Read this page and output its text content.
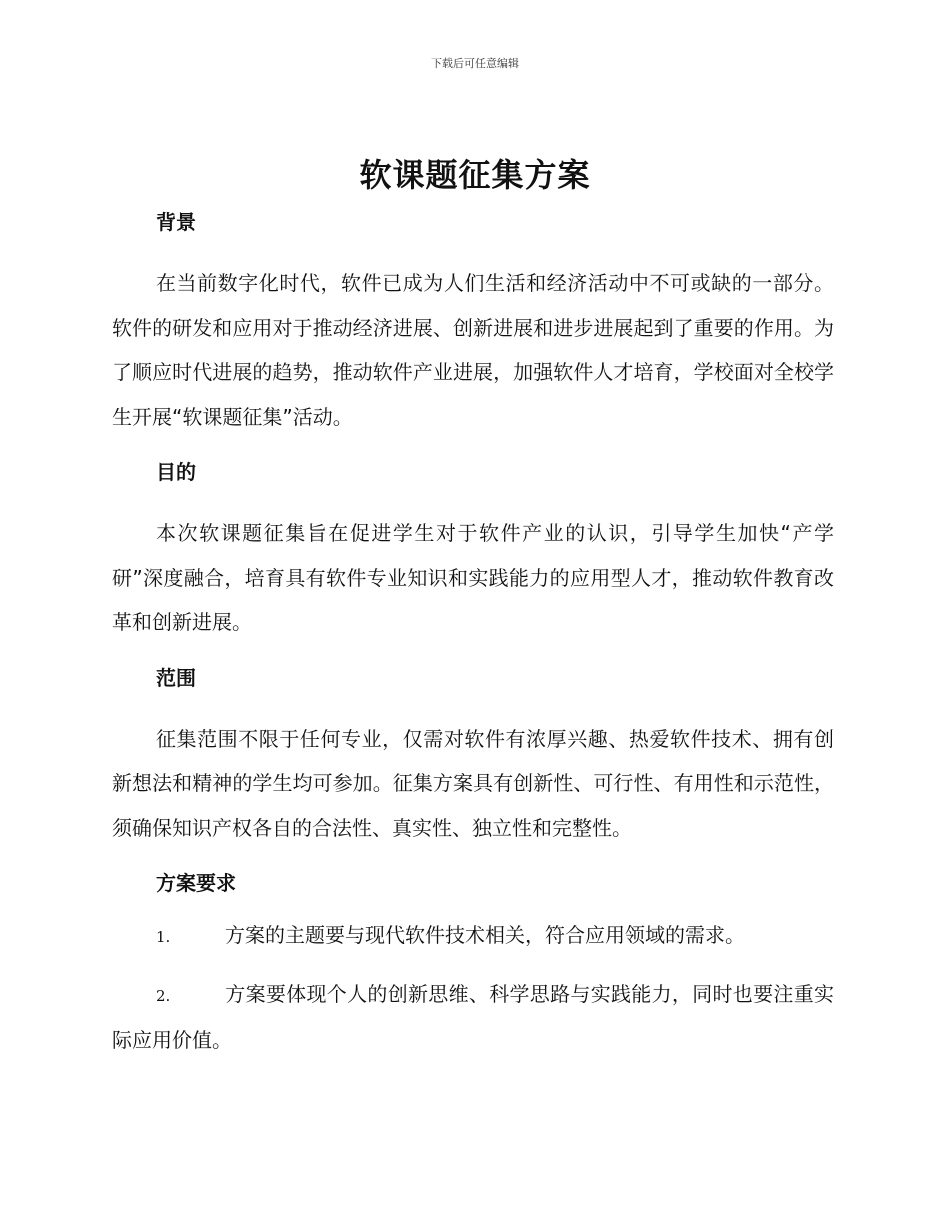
下载后可任意编辑
软课题征集方案
背景

在当前数字化时代，软件已成为人们生活和经济活动中不可或缺的一部分。软件的研发和应用对于推动经济进展、创新进展和进步进展起到了重要的作用。为了顺应时代进展的趋势，推动软件产业进展，加强软件人才培育，学校面对全校学生开展“软课题征集”活动。

目的

本次软课题征集旨在促进学生对于软件产业的认识，引导学生加快“产学研”深度融合，培育具有软件专业知识和实践能力的应用型人才，推动软件教育改革和创新进展。

范围

征集范围不限于任何专业，仅需对软件有浓厚兴趣、热爱软件技术、拥有创新想法和精神的学生均可参加。征集方案具有创新性、可行性、有用性和示范性，须确保知识产权各自的合法性、真实性、独立性和完整性。

方案要求

1.	方案的主题要与现代软件技术相关，符合应用领域的需求。

2.	方案要体现个人的创新思维、科学思路与实践能力，同时也要注重实际应用价值。
